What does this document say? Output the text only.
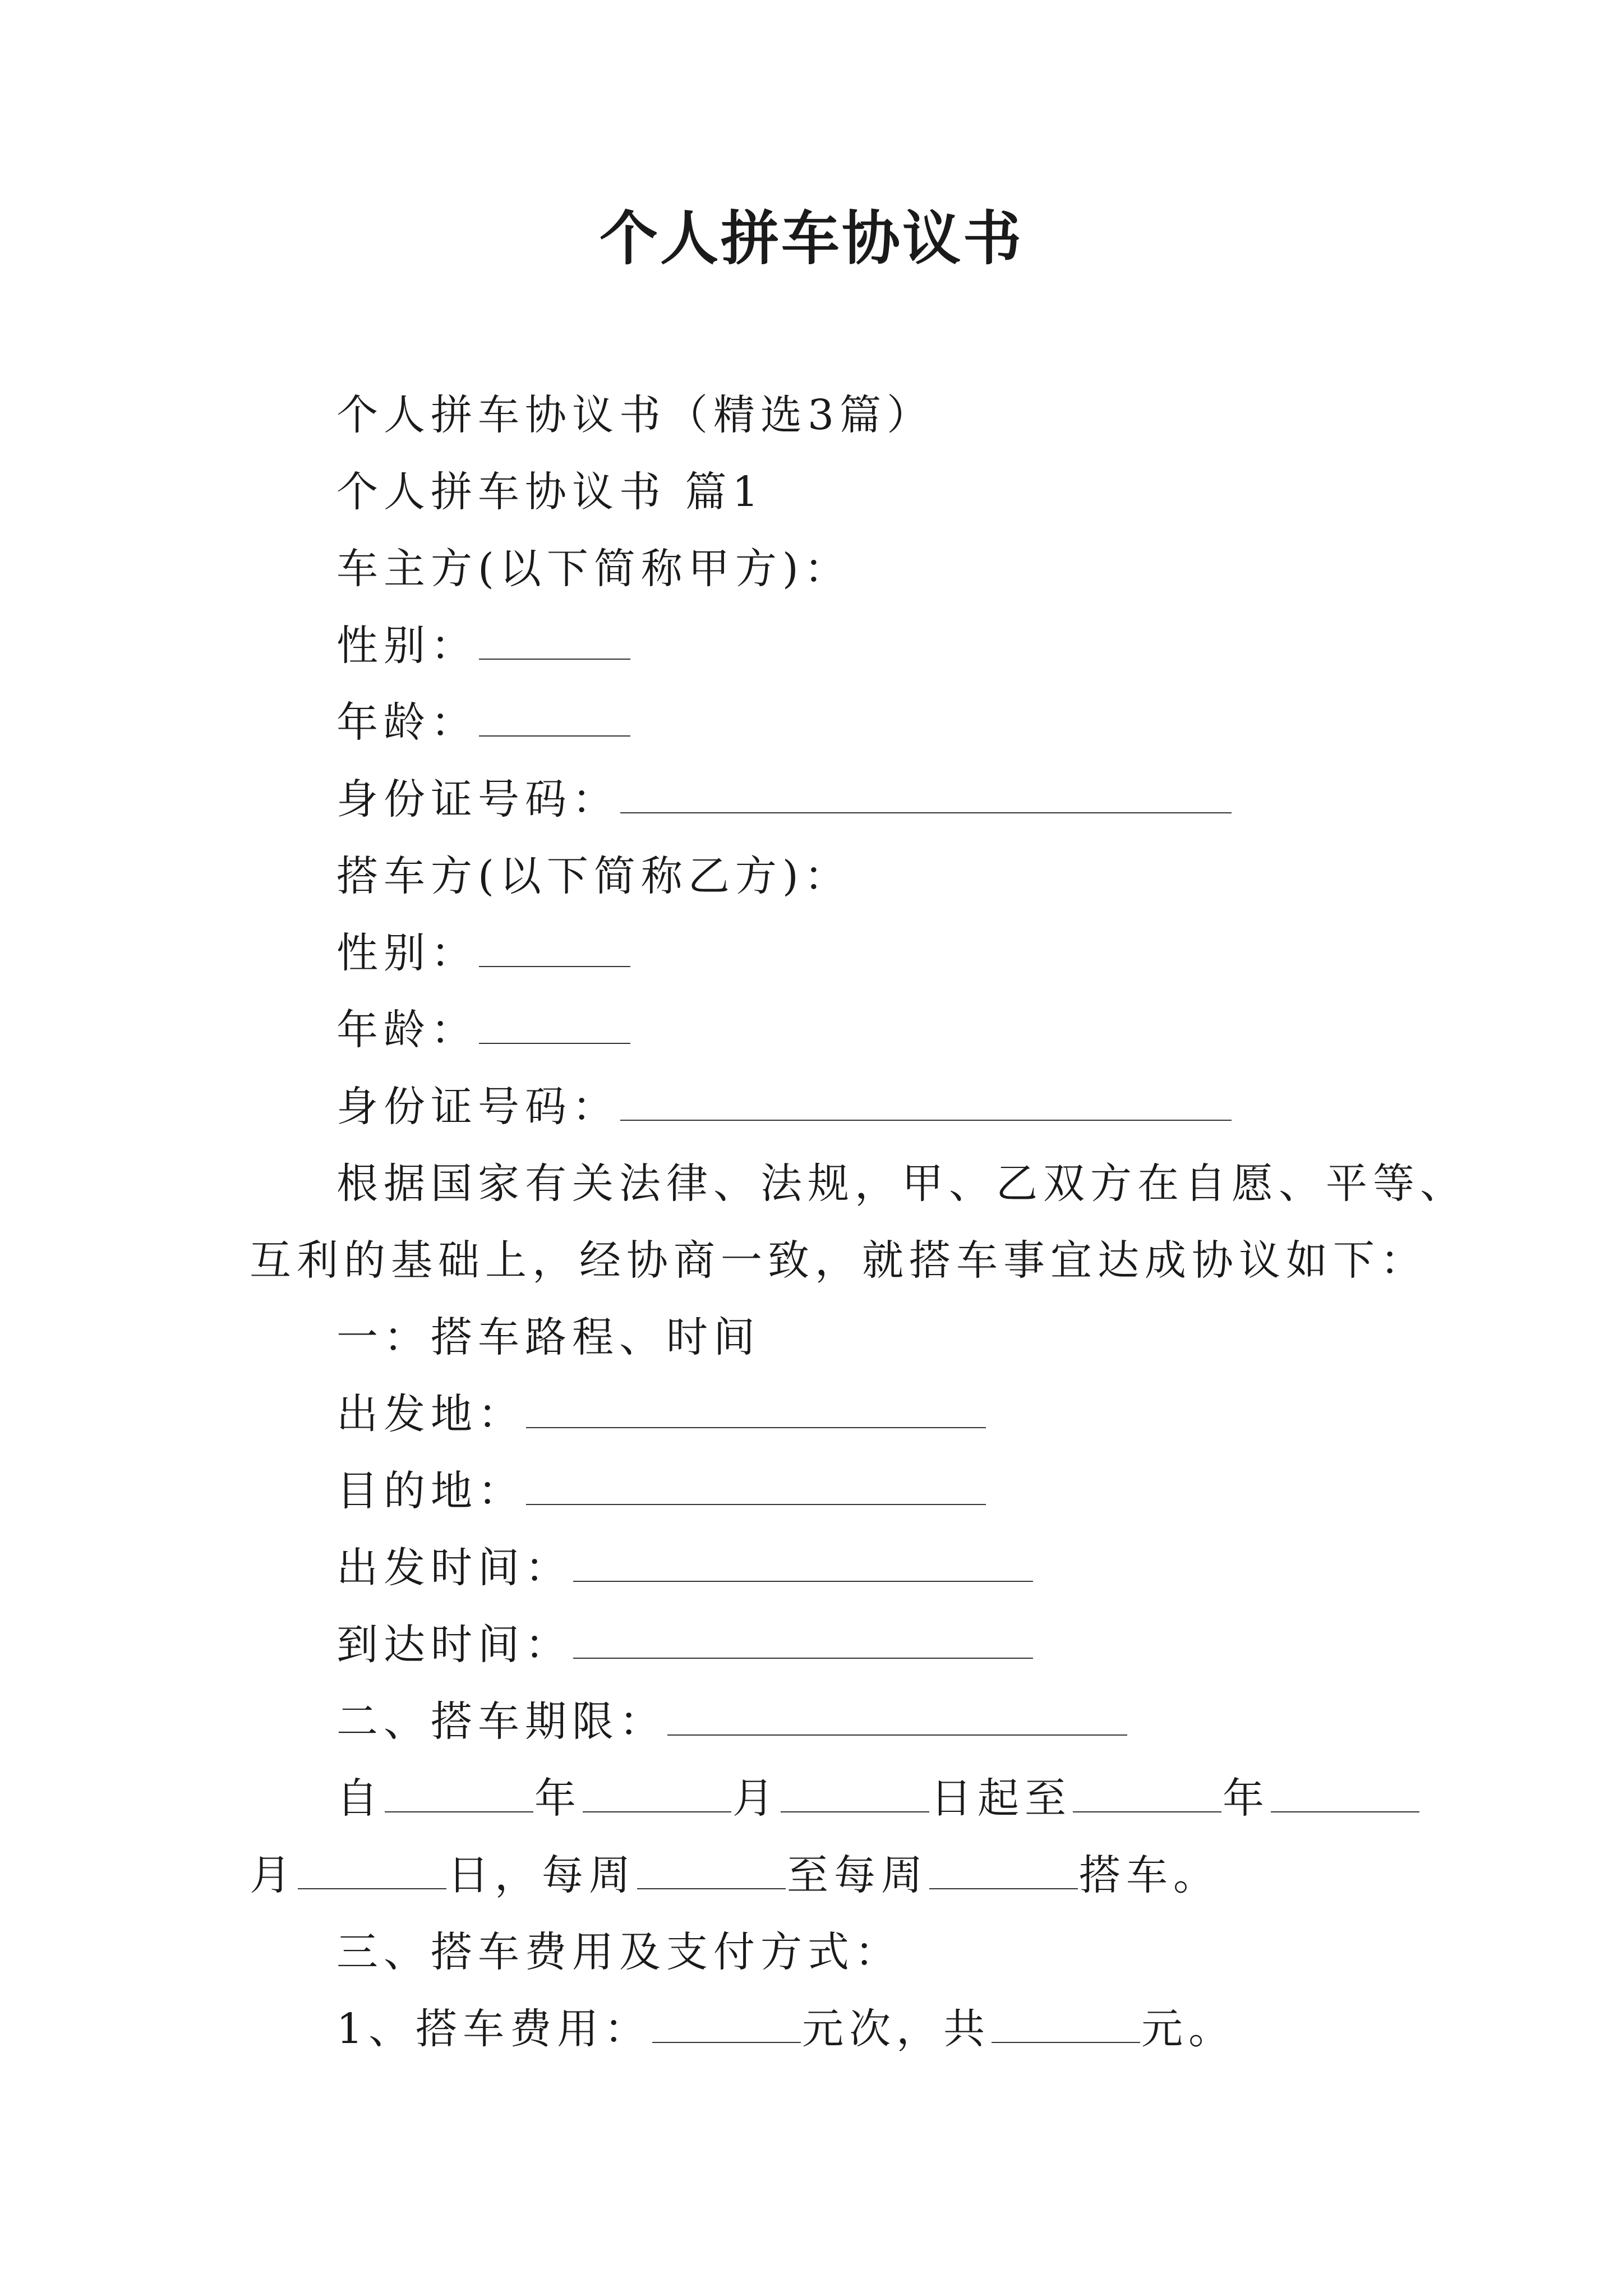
个人拼车协议书
个人拼车协议书（精选3篇）
个人拼车协议书 篇1
车主方(以下简称甲方)：
性别：
年龄：
身份证号码：
搭车方(以下简称乙方)：
性别：
年龄：
身份证号码：
根据国家有关法律、法规，甲、乙双方在自愿、平等、
互利的基础上，经协商一致，就搭车事宜达成协议如下：
一：搭车路程、时间
出发地：
目的地：
出发时间：
到达时间：
二、搭车期限：
自	年	月	日起至	年
月	日，每周	至每周	搭车。
三、搭车费用及支付方式：
1、搭车费用：	元次，共	元。
